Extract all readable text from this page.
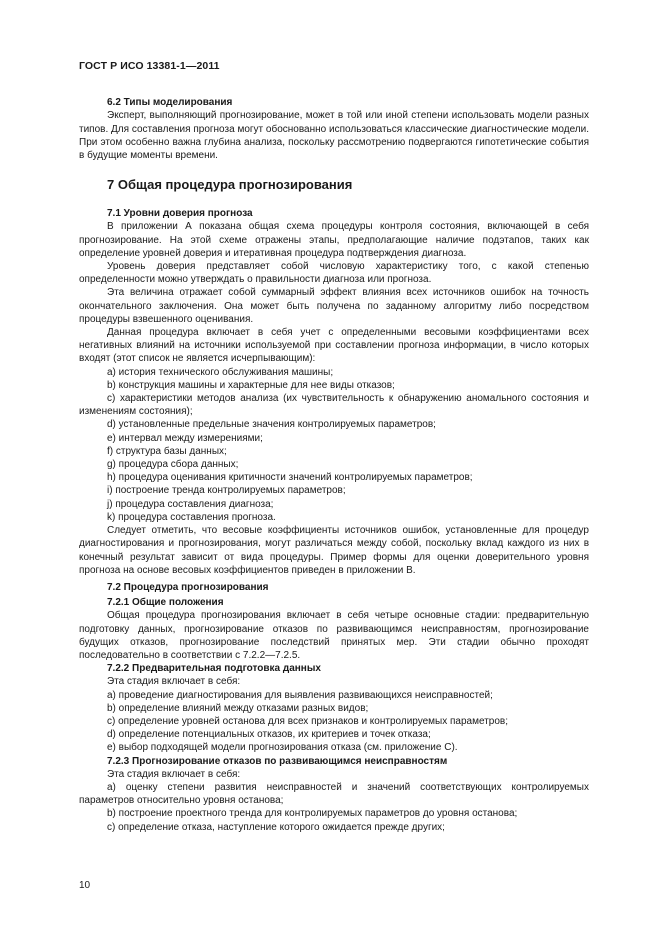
ГОСТ Р ИСО 13381-1—2011

6.2 Типы моделирования

Эксперт, выполняющий прогнозирование, может в той или иной степени использовать модели разных типов. Для составления прогноза могут обоснованно использоваться классические диагностические модели. При этом особенно важна глубина анализа, поскольку рассмотрению подвергаются гипотетические события в будущие моменты времени.

7 Общая процедура прогнозирования
7.1 Уровни доверия прогноза

В приложении А показана общая схема процедуры контроля состояния, включающей в себя прогнозирование. На этой схеме отражены этапы, предполагающие наличие подэтапов, таких как определение уровней доверия и итеративная процедура подтверждения диагноза.

Уровень доверия представляет собой числовую характеристику того, с какой степенью определенности можно утверждать о правильности диагноза или прогноза.

Эта величина отражает собой суммарный эффект влияния всех источников ошибок на точность окончательного заключения. Она может быть получена по заданному алгоритму либо посредством процедуры взвешенного оценивания.

Данная процедура включает в себя учет с определенными весовыми коэффициентами всех негативных влияний на источники используемой при составлении прогноза информации, в число которых входят (этот список не является исчерпывающим):

a) история технического обслуживания машины;

b) конструкция машины и характерные для нее виды отказов;

c) характеристики методов анализа (их чувствительность к обнаружению аномального состояния и изменениям состояния);

d) установленные предельные значения контролируемых параметров;

e) интервал между измерениями;

f) структура базы данных;

g) процедура сбора данных;

h) процедура оценивания критичности значений контролируемых параметров;

i) построение тренда контролируемых параметров;

j) процедура составления диагноза;

k) процедура составления прогноза.

Следует отметить, что весовые коэффициенты источников ошибок, установленные для процедур диагностирования и прогнозирования, могут различаться между собой, поскольку вклад каждого из них в конечный результат зависит от вида процедуры. Пример формы для оценки доверительного уровня прогноза на основе весовых коэффициентов приведен в приложении В.

7.2 Процедура прогнозирования
7.2.1 Общие положения

Общая процедура прогнозирования включает в себя четыре основные стадии: предварительную подготовку данных, прогнозирование отказов по развивающимся неисправностям, прогнозирование будущих отказов, прогнозирование последствий принятых мер. Эти стадии обычно проходят последовательно в соответствии с 7.2.2—7.2.5.

7.2.2 Предварительная подготовка данных

Эта стадия включает в себя:

a) проведение диагностирования для выявления развивающихся неисправностей;

b) определение влияний между отказами разных видов;

c) определение уровней останова для всех признаков и контролируемых параметров;

d) определение потенциальных отказов, их критериев и точек отказа;

e) выбор подходящей модели прогнозирования отказа (см. приложение С).

7.2.3 Прогнозирование отказов по развивающимся неисправностям

Эта стадия включает в себя:

a) оценку степени развития неисправностей и значений соответствующих контролируемых параметров относительно уровня останова;

b) построение проектного тренда для контролируемых параметров до уровня останова;

c) определение отказа, наступление которого ожидается прежде других;

10
